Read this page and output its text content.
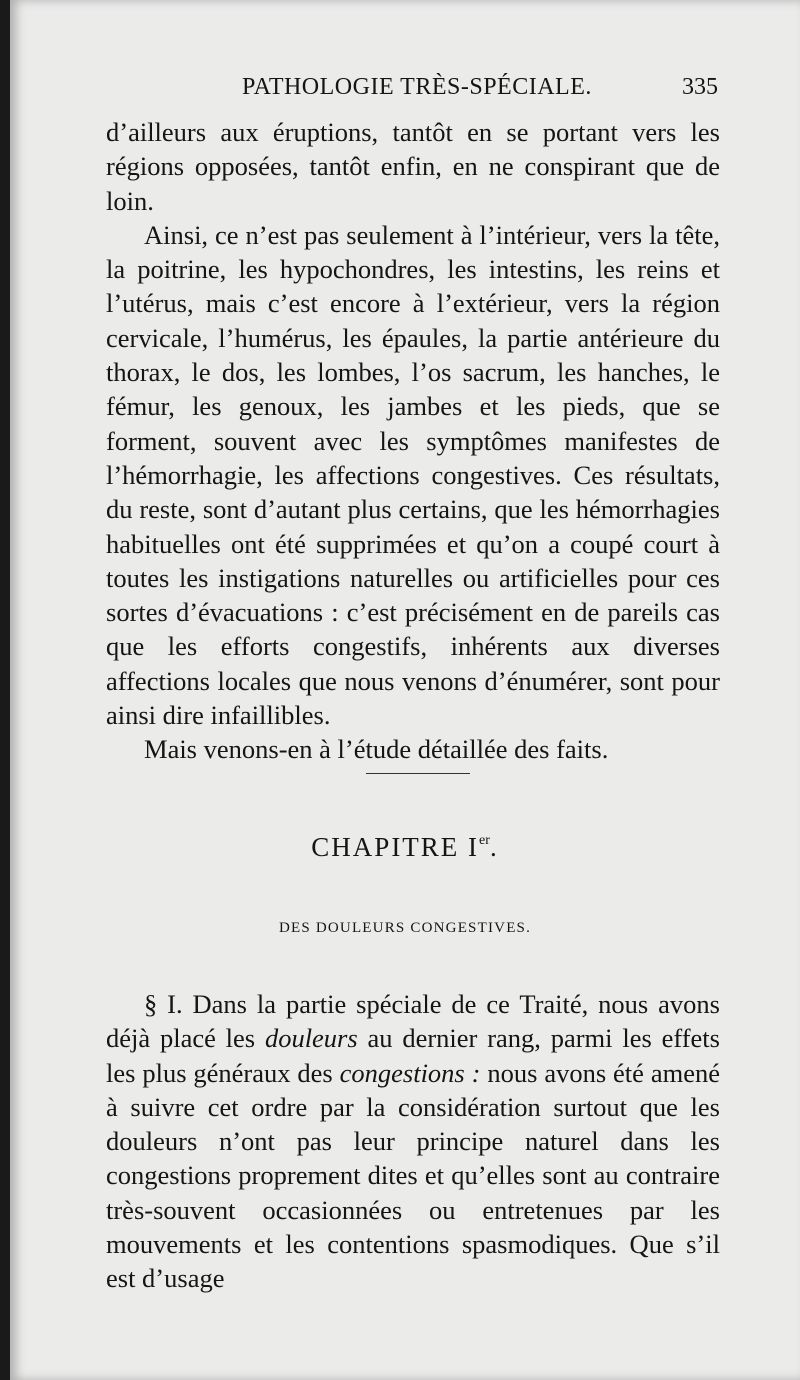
PATHOLOGIE TRÈS-SPÉCIALE.	335

d’ailleurs aux éruptions, tantôt en se portant vers les régions opposées, tantôt enfin, en ne conspirant que de loin.

Ainsi, ce n’est pas seulement à l’intérieur, vers la tête, la poitrine, les hypochondres, les intestins, les reins et l’utérus, mais c’est encore à l’extérieur, vers la région cervicale, l’humérus, les épaules, la partie antérieure du thorax, le dos, les lombes, l’os sacrum, les hanches, le fémur, les genoux, les jambes et les pieds, que se forment, souvent avec les symptômes manifestes de l’hémorrhagie, les affections congestives. Ces résultats, du reste, sont d’autant plus certains, que les hémorrhagies habituelles ont été supprimées et qu’on a coupé court à toutes les instigations naturelles ou artificielles pour ces sortes d’évacuations : c’est précisément en de pareils cas que les efforts congestifs, inhérents aux diverses affections locales que nous venons d’énumérer, sont pour ainsi dire infaillibles.

Mais venons-en à l’étude détaillée des faits.

CHAPITRE Ier.
DES DOULEURS CONGESTIVES.

§ I. Dans la partie spéciale de ce Traité, nous avons déjà placé les douleurs au dernier rang, parmi les effets les plus généraux des congestions : nous avons été amené à suivre cet ordre par la considération surtout que les douleurs n’ont pas leur principe naturel dans les congestions proprement dites et qu’elles sont au contraire très-souvent occasionnées ou entretenues par les mouvements et les contentions spasmodiques. Que s’il est d’usage
